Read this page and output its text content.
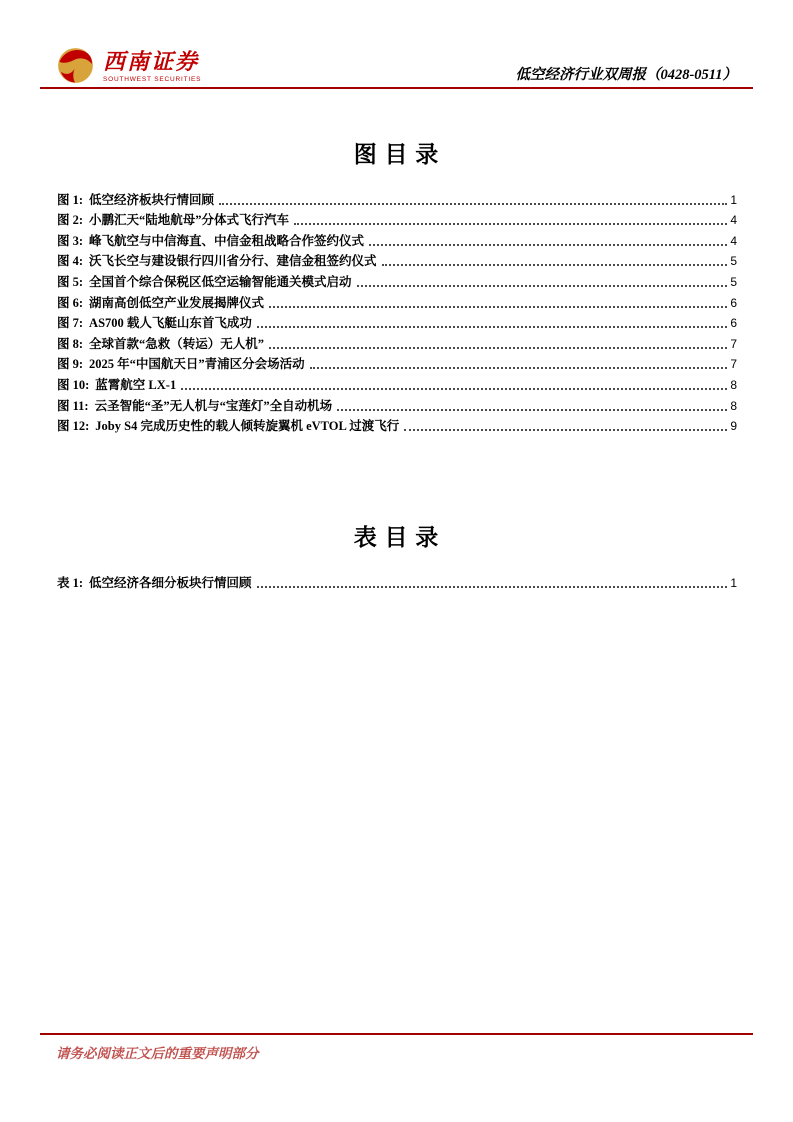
西南证券
SOUTHWEST SECURITIES	低空经济行业双周报（0428-0511）
图 目 录
图 1: 低空经济板块行情回顾	1
图 2: 小鹏汇天“陆地航母”分体式飞行汽车	4
图 3: 峰飞航空与中信海直、中信金租战略合作签约仪式	4
图 4: 沃飞长空与建设银行四川省分行、建信金租签约仪式	5
图 5: 全国首个综合保税区低空运输智能通关模式启动	5
图 6: 湖南高创低空产业发展揭牌仪式	6
图 7: AS700 载人飞艇山东首飞成功	6
图 8: 全球首款“急救（转运）无人机”	7
图 9: 2025 年“中国航天日”青浦区分会场活动	7
图 10: 蓝霄航空 LX-1	8
图 11: 云圣智能“圣”无人机与“宝莲灯”全自动机场	8
图 12: Joby S4 完成历史性的载人倾转旋翼机 eVTOL 过渡飞行	9
表 目 录
表 1: 低空经济各细分板块行情回顾	1
请务必阅读正文后的重要声明部分
